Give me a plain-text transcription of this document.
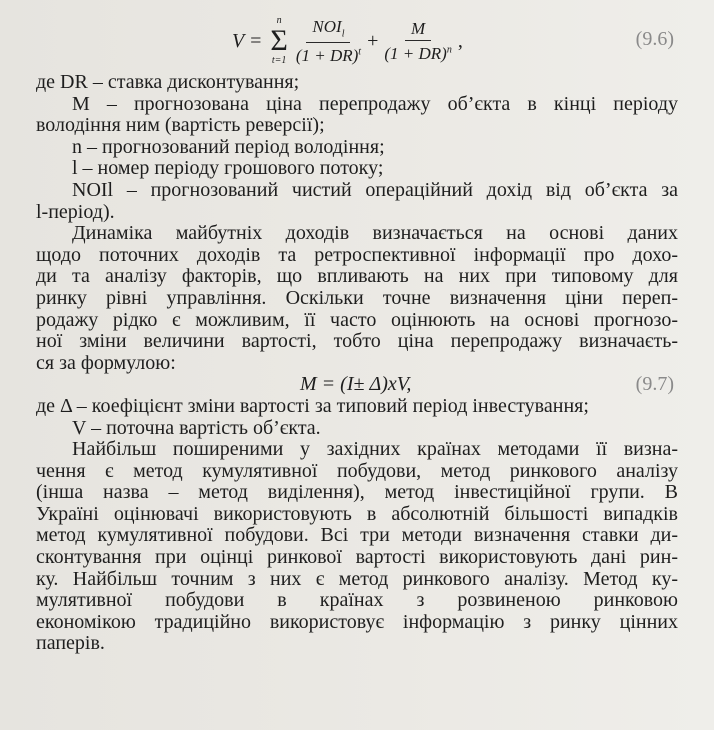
V =
n
Σ
$t=1 \frac{NOI_l}{(1 + DR)^t} + \frac{M}{(1 + DR)^n}$ ,	(9.6)
де DR – ставка дисконтування;
M – прогнозована ціна перепродажу об’єкта в кінці періоду
володіння ним (вартість реверсії);
n – прогнозований період володіння;
l – номер періоду грошового потоку;
NOIl – прогнозований чистий операційний дохід від об’єкта за
l-період).
Динаміка майбутніх доходів визначається на основі даних
щодо поточних доходів та ретроспективної інформації про дохо-
ди та аналізу факторів, що впливають на них при типовому для
ринку рівні управління. Оскільки точне визначення ціни переп-
родажу рідко є можливим, її часто оцінюють на основі прогнозо-
ної зміни величини вартості, тобто ціна перепродажу визначаєть-
ся за формулою:
M = (I± Δ)xV,	(9.7)
де Δ – коефіцієнт зміни вартості за типовий період інвестування;
V – поточна вартість об’єкта.
Найбільш поширеними у західних країнах методами її визна-
чення є метод кумулятивної побудови, метод ринкового аналізу
(інша назва – метод виділення), метод інвестиційної групи. В
Україні оцінювачі використовують в абсолютній більшості випадків
метод кумулятивної побудови. Всі три методи визначення ставки ди-
сконтування при оцінці ринкової вартості використовують дані рин-
ку. Найбільш точним з них є метод ринкового аналізу. Метод ку-
мулятивної побудови в країнах з розвиненою ринковою
економікою традиційно використовує інформацію з ринку цінних
паперів.
